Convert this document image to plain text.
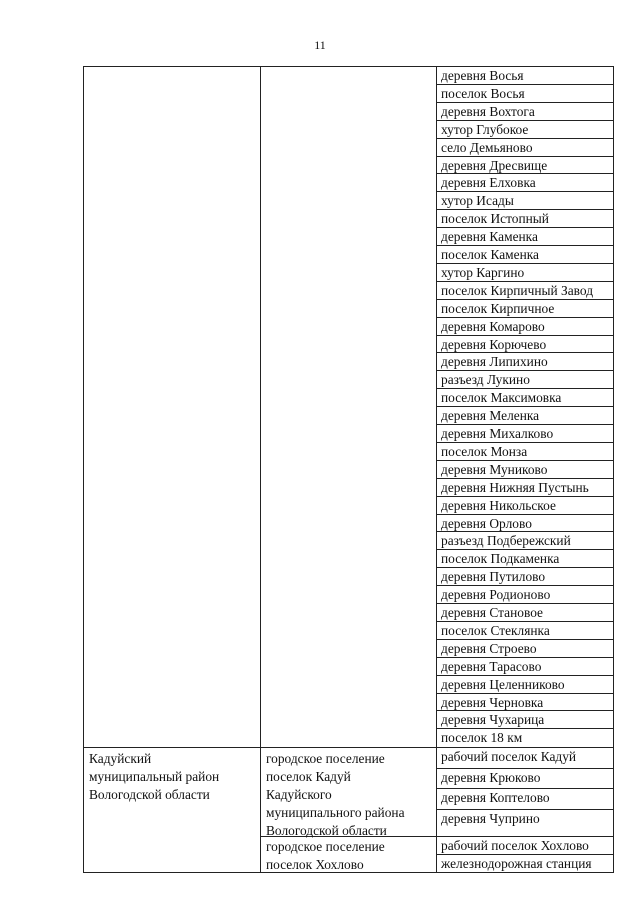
11
деревня Восья
поселок Восья
деревня Вохтога
хутор Глубокое
село Демьяново
деревня Дресвище
деревня Елховка
хутор Исады
поселок Истопный
деревня Каменка
поселок Каменка
хутор Каргино
поселок Кирпичный Завод
поселок Кирпичное
деревня Комарово
деревня Корючево
деревня Липихино
разъезд Лукино
поселок Максимовка
деревня Меленка
деревня Михалково
поселок Монза
деревня Муниково
деревня Нижняя Пустынь
деревня Никольское
деревня Орлово
разъезд Подбережский
поселок Подкаменка
деревня Путилово
деревня Родионово
деревня Становое
поселок Стеклянка
деревня Строево
деревня Тарасово
деревня Целенниково
деревня Черновка
деревня Чухарица
поселок 18 км
Кадуйский
муниципальный район
Вологодской области
городское поселение
поселок Кадуй
Кадуйского
муниципального района
Вологодской области
городское поселение
поселок Хохлово
рабочий поселок Кадуй
деревня Крюково
деревня Коптелово
деревня Чуприно
рабочий поселок Хохлово
железнодорожная станция
